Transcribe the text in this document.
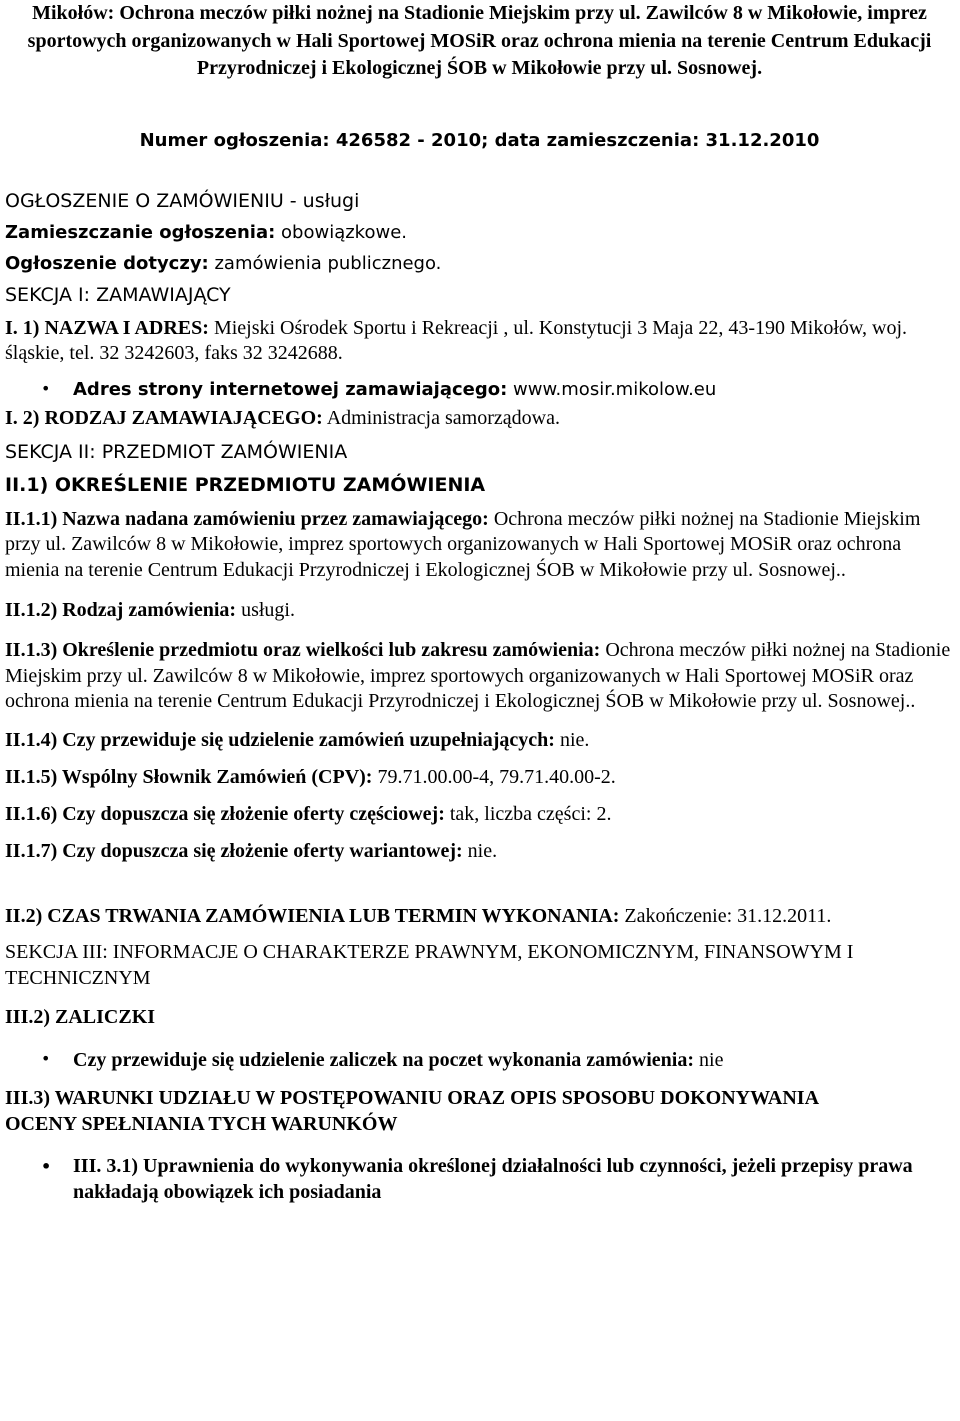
Mikołów: Ochrona meczów piłki nożnej na Stadionie Miejskim przy ul. Zawilców 8 w Mikołowie, imprez sportowych organizowanych w Hali Sportowej MOSiR oraz ochrona mienia na terenie Centrum Edukacji Przyrodniczej i Ekologicznej ŚOB w Mikołowie przy ul. Sosnowej.

Numer ogłoszenia: 426582 - 2010; data zamieszczenia: 31.12.2010

OGŁOSZENIE O ZAMÓWIENIU - usługi

Zamieszczanie ogłoszenia: obowiązkowe.

Ogłoszenie dotyczy: zamówienia publicznego.

SEKCJA I: ZAMAWIAJĄCY

I. 1) NAZWA I ADRES: Miejski Ośrodek Sportu i Rekreacji , ul. Konstytucji 3 Maja 22, 43-190 Mikołów, woj. śląskie, tel. 32 3242603, faks 32 3242688.

• Adres strony internetowej zamawiającego: www.mosir.mikolow.eu

I. 2) RODZAJ ZAMAWIAJĄCEGO: Administracja samorządowa.

SEKCJA II: PRZEDMIOT ZAMÓWIENIA

II.1) OKREŚLENIE PRZEDMIOTU ZAMÓWIENIA

II.1.1) Nazwa nadana zamówieniu przez zamawiającego: Ochrona meczów piłki nożnej na Stadionie Miejskim przy ul. Zawilców 8 w Mikołowie, imprez sportowych organizowanych w Hali Sportowej MOSiR oraz ochrona mienia na terenie Centrum Edukacji Przyrodniczej i Ekologicznej ŚOB w Mikołowie przy ul. Sosnowej..

II.1.2) Rodzaj zamówienia: usługi.

II.1.3) Określenie przedmiotu oraz wielkości lub zakresu zamówienia: Ochrona meczów piłki nożnej na Stadionie Miejskim przy ul. Zawilców 8 w Mikołowie, imprez sportowych organizowanych w Hali Sportowej MOSiR oraz ochrona mienia na terenie Centrum Edukacji Przyrodniczej i Ekologicznej ŚOB w Mikołowie przy ul. Sosnowej..

II.1.4) Czy przewiduje się udzielenie zamówień uzupełniających: nie.

II.1.5) Wspólny Słownik Zamówień (CPV): 79.71.00.00-4, 79.71.40.00-2.

II.1.6) Czy dopuszcza się złożenie oferty częściowej: tak, liczba części: 2.

II.1.7) Czy dopuszcza się złożenie oferty wariantowej: nie.

II.2) CZAS TRWANIA ZAMÓWIENIA LUB TERMIN WYKONANIA: Zakończenie: 31.12.2011.

SEKCJA III: INFORMACJE O CHARAKTERZE PRAWNYM, EKONOMICZNYM, FINANSOWYM I TECHNICZNYM

III.2) ZALICZKI

• Czy przewiduje się udzielenie zaliczek na poczet wykonania zamówienia: nie

III.3) WARUNKI UDZIAŁU W POSTĘPOWANIU ORAZ OPIS SPOSOBU DOKONYWANIA OCENY SPEŁNIANIA TYCH WARUNKÓW

• III. 3.1) Uprawnienia do wykonywania określonej działalności lub czynności, jeżeli przepisy prawa nakładają obowiązek ich posiadania
